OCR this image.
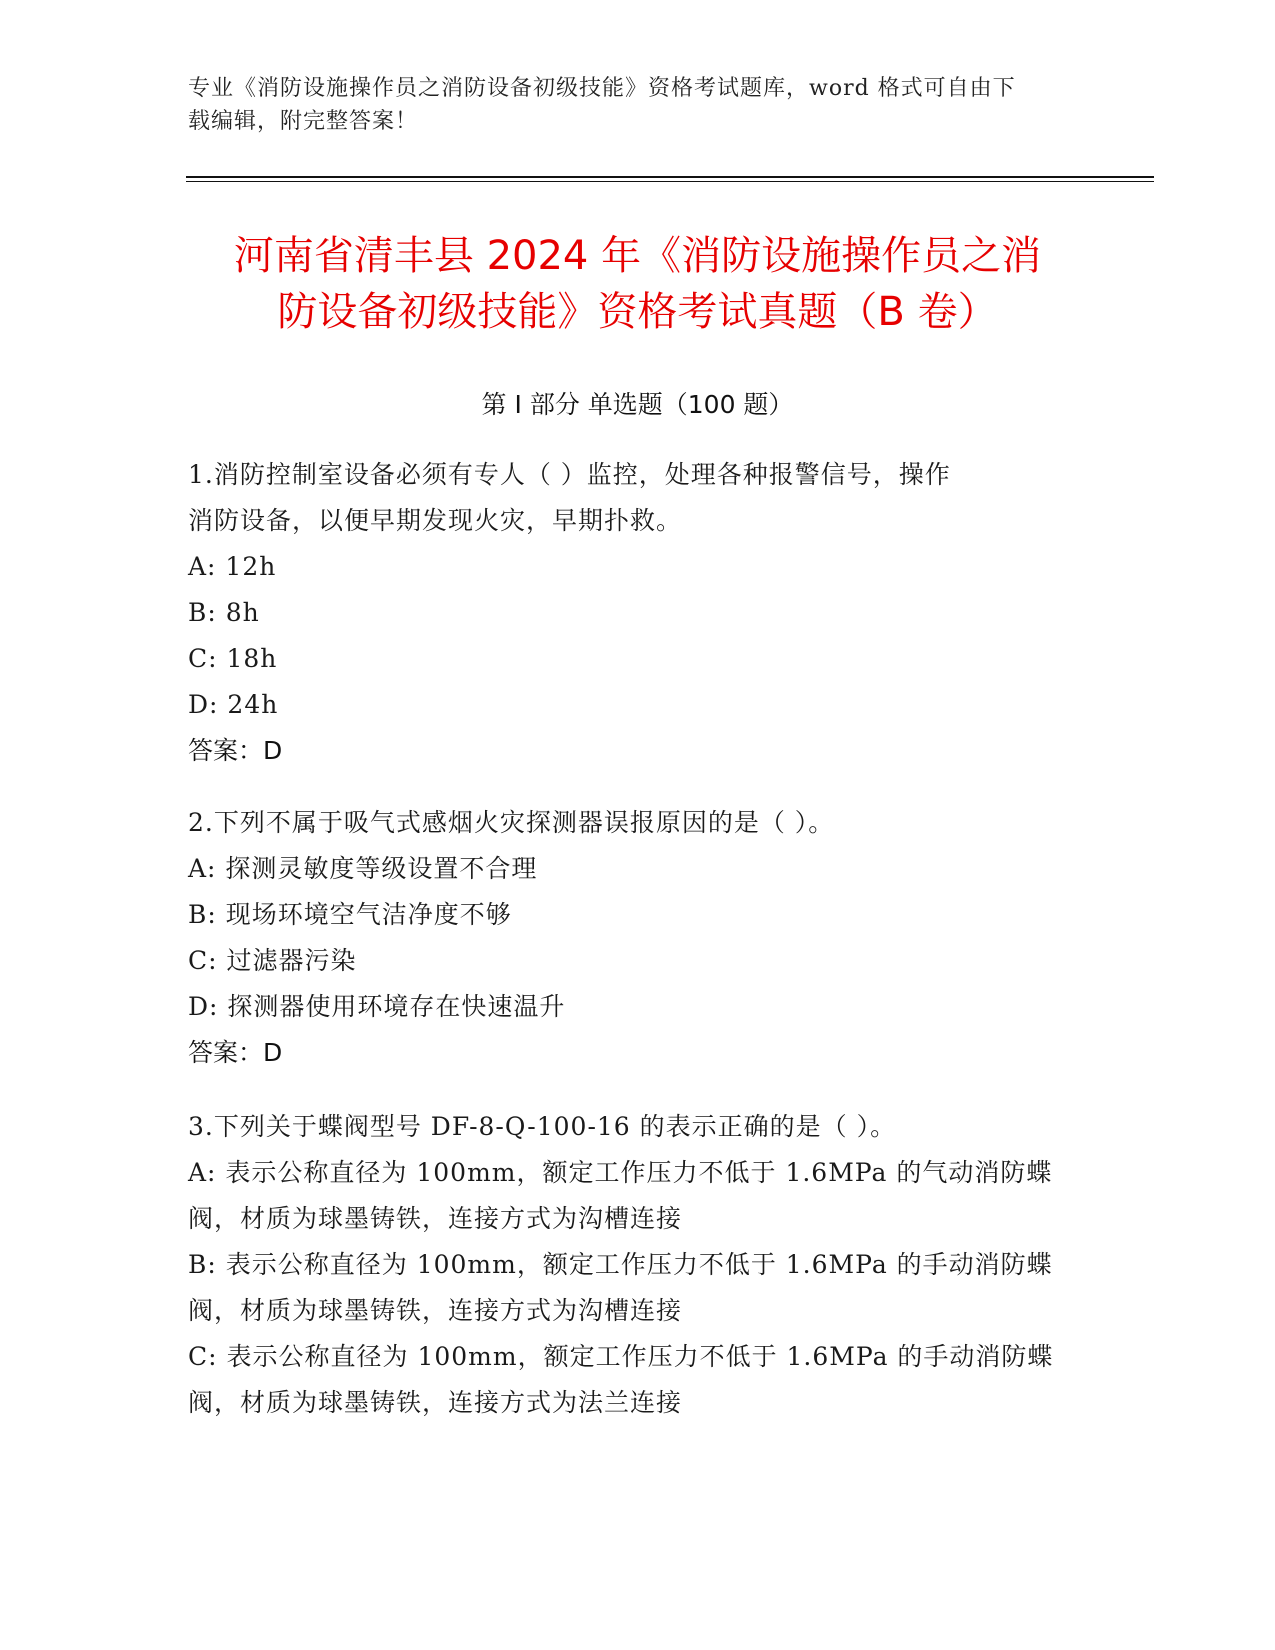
专业《消防设施操作员之消防设备初级技能》资格考试题库，word 格式可自由下
载编辑，附完整答案！
河南省清丰县 2024 年《消防设施操作员之消
防设备初级技能》资格考试真题（B 卷）
第 I 部分 单选题（100 题）
1.消防控制室设备必须有专人（ ）监控，处理各种报警信号，操作
消防设备，以便早期发现火灾，早期扑救。
A: 12h
B: 8h
C: 18h
D: 24h
答案：D
2.下列不属于吸气式感烟火灾探测器误报原因的是（ ）。
A: 探测灵敏度等级设置不合理
B: 现场环境空气洁净度不够
C: 过滤器污染
D: 探测器使用环境存在快速温升
答案：D
3.下列关于蝶阀型号 DF-8-Q-100-16 的表示正确的是（ ）。
A: 表示公称直径为 100mm，额定工作压力不低于 1.6MPa 的气动消防蝶
阀，材质为球墨铸铁，连接方式为沟槽连接
B: 表示公称直径为 100mm，额定工作压力不低于 1.6MPa 的手动消防蝶
阀，材质为球墨铸铁，连接方式为沟槽连接
C: 表示公称直径为 100mm，额定工作压力不低于 1.6MPa 的手动消防蝶
阀，材质为球墨铸铁，连接方式为法兰连接
